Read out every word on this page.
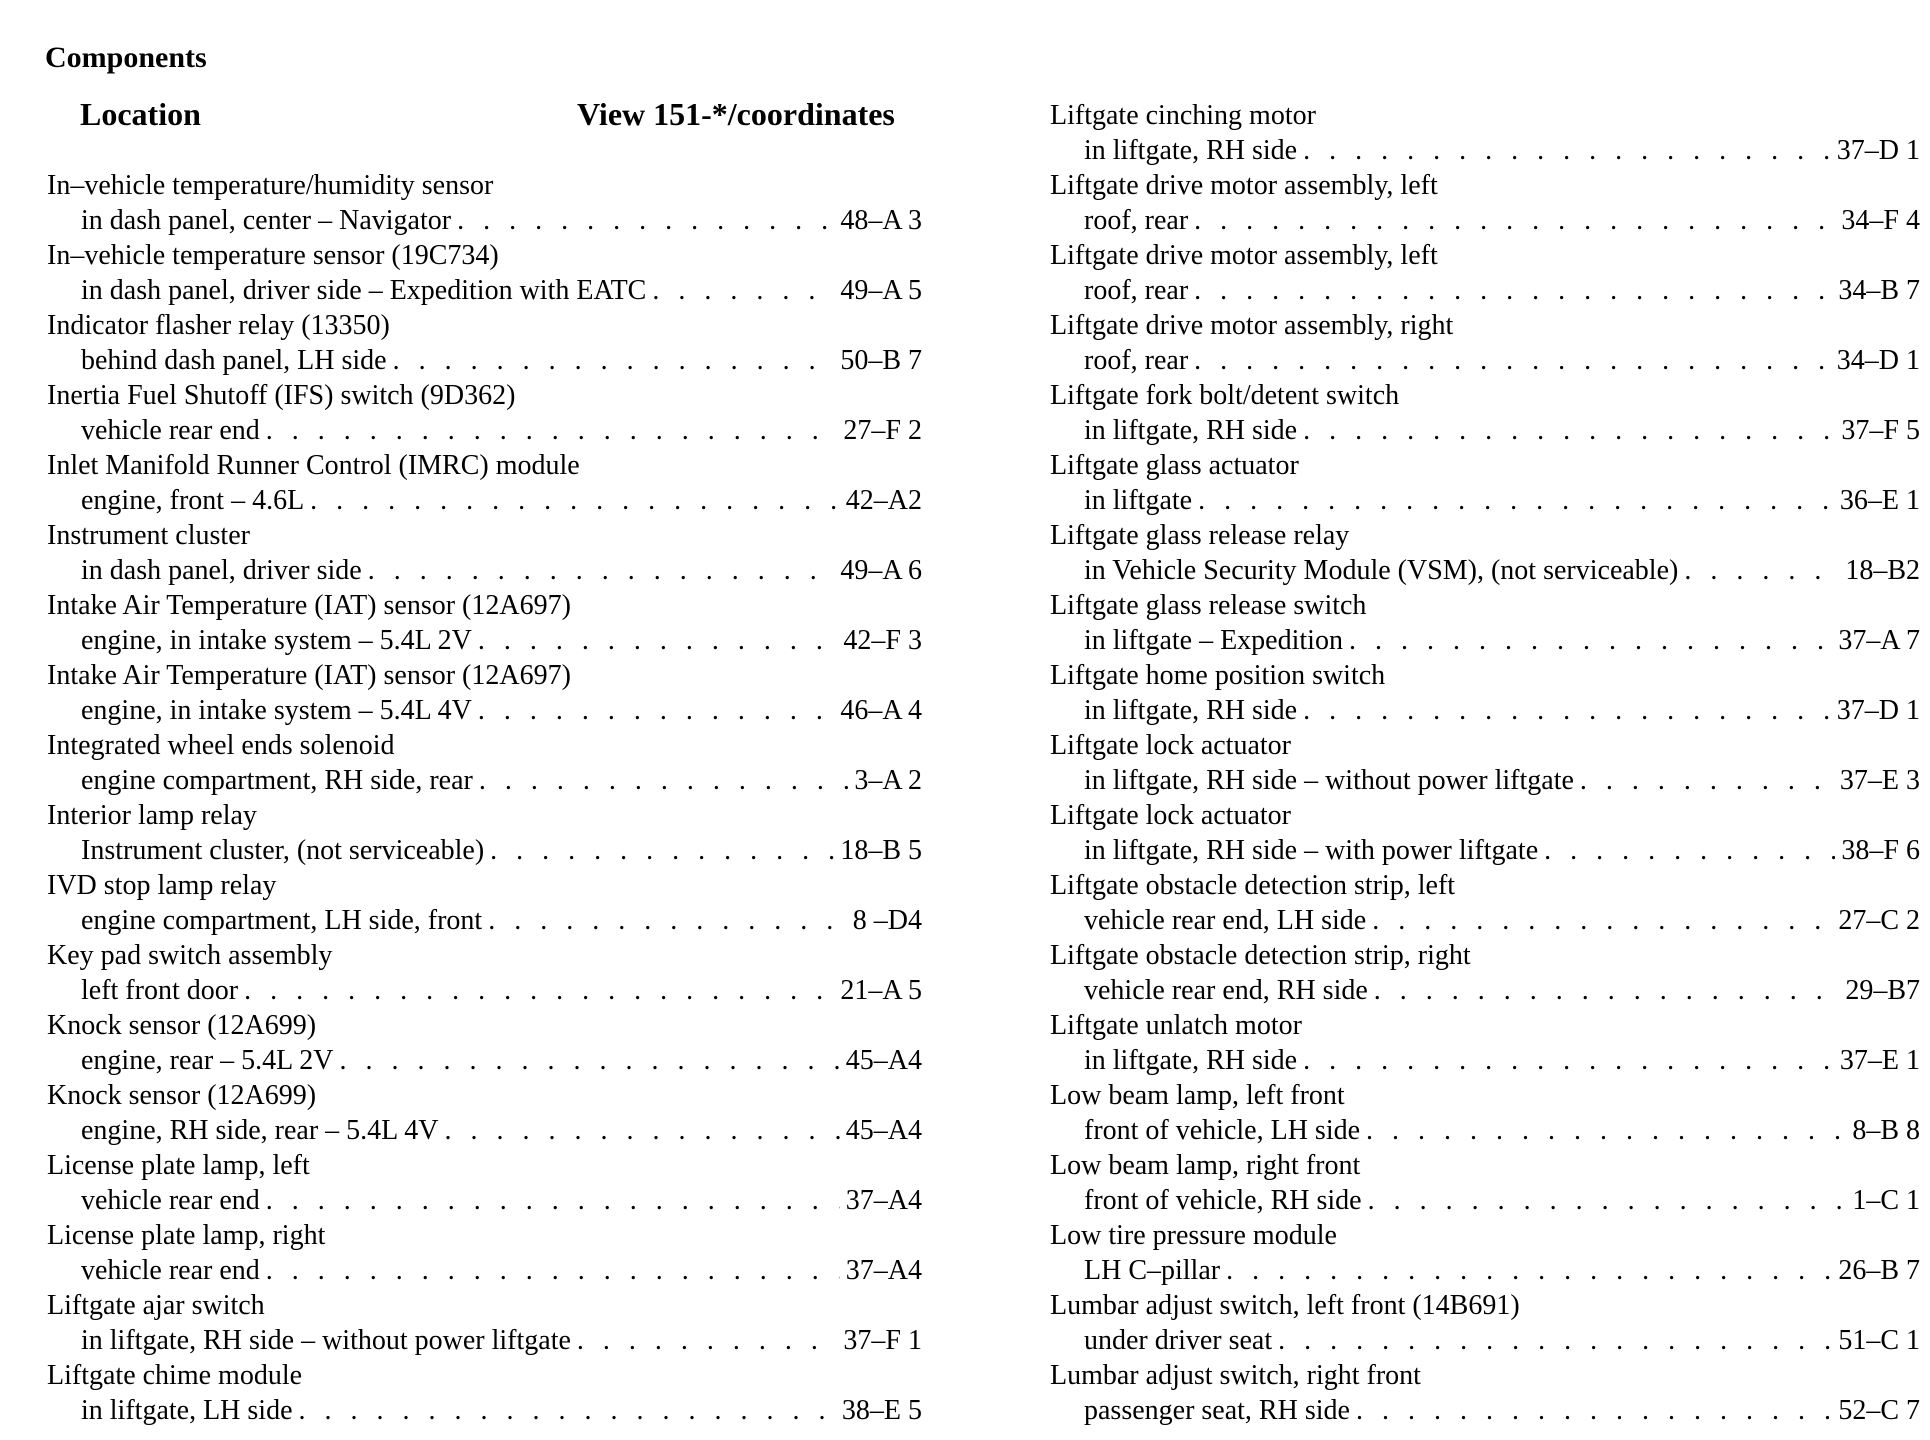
Components
Location	View 151-*/coordinates
In–vehicle temperature/humidity sensor
in dash panel, center – Navigator . . .	48–A 3
In–vehicle temperature sensor (19C734)
in dash panel, driver side – Expedition with EATC . . .	49–A 5
Indicator flasher relay (13350)
behind dash panel, LH side . . .	50–B 7
Inertia Fuel Shutoff (IFS) switch (9D362)
vehicle rear end . . .	27–F 2
Inlet Manifold Runner Control (IMRC) module
engine, front – 4.6L . . .	42–A2
Instrument cluster
in dash panel, driver side . . .	49–A 6
Intake Air Temperature (IAT) sensor (12A697)
engine, in intake system – 5.4L 2V . . .	42–F 3
Intake Air Temperature (IAT) sensor (12A697)
engine, in intake system – 5.4L 4V . . .	46–A 4
Integrated wheel ends solenoid
engine compartment, RH side, rear . . .	3–A 2
Interior lamp relay
Instrument cluster, (not serviceable) . . .	18–B 5
IVD stop lamp relay
engine compartment, LH side, front . . .	8 –D4
Key pad switch assembly
left front door . . .	21–A 5
Knock sensor (12A699)
engine, rear – 5.4L 2V . . .	45–A4
Knock sensor (12A699)
engine, RH side, rear – 5.4L 4V . . .	45–A4
License plate lamp, left
vehicle rear end . . .	37–A4
License plate lamp, right
vehicle rear end . . .	37–A4
Liftgate ajar switch
in liftgate, RH side – without power liftgate . . .	37–F 1
Liftgate chime module
in liftgate, LH side . . .	38–E 5
Liftgate cinching motor
in liftgate, RH side . . .	37–D 1
Liftgate drive motor assembly, left
roof, rear . . .	34–F 4
Liftgate drive motor assembly, left
roof, rear . . .	34–B 7
Liftgate drive motor assembly, right
roof, rear . . .	34–D 1
Liftgate fork bolt/detent switch
in liftgate, RH side . . .	37–F 5
Liftgate glass actuator
in liftgate . . .	36–E 1
Liftgate glass release relay
in Vehicle Security Module (VSM), (not serviceable) . . .	18–B2
Liftgate glass release switch
in liftgate – Expedition . . .	37–A 7
Liftgate home position switch
in liftgate, RH side . . .	37–D 1
Liftgate lock actuator
in liftgate, RH side – without power liftgate . . .	37–E 3
Liftgate lock actuator
in liftgate, RH side – with power liftgate . . .	38–F 6
Liftgate obstacle detection strip, left
vehicle rear end, LH side . . .	27–C 2
Liftgate obstacle detection strip, right
vehicle rear end, RH side . . .	29–B7
Liftgate unlatch motor
in liftgate, RH side . . .	37–E 1
Low beam lamp, left front
front of vehicle, LH side . . .	8–B 8
Low beam lamp, right front
front of vehicle, RH side . . .	1–C 1
Low tire pressure module
LH C–pillar . . .	26–B 7
Lumbar adjust switch, left front (14B691)
under driver seat . . .	51–C 1
Lumbar adjust switch, right front
passenger seat, RH side . . .	52–C 7
